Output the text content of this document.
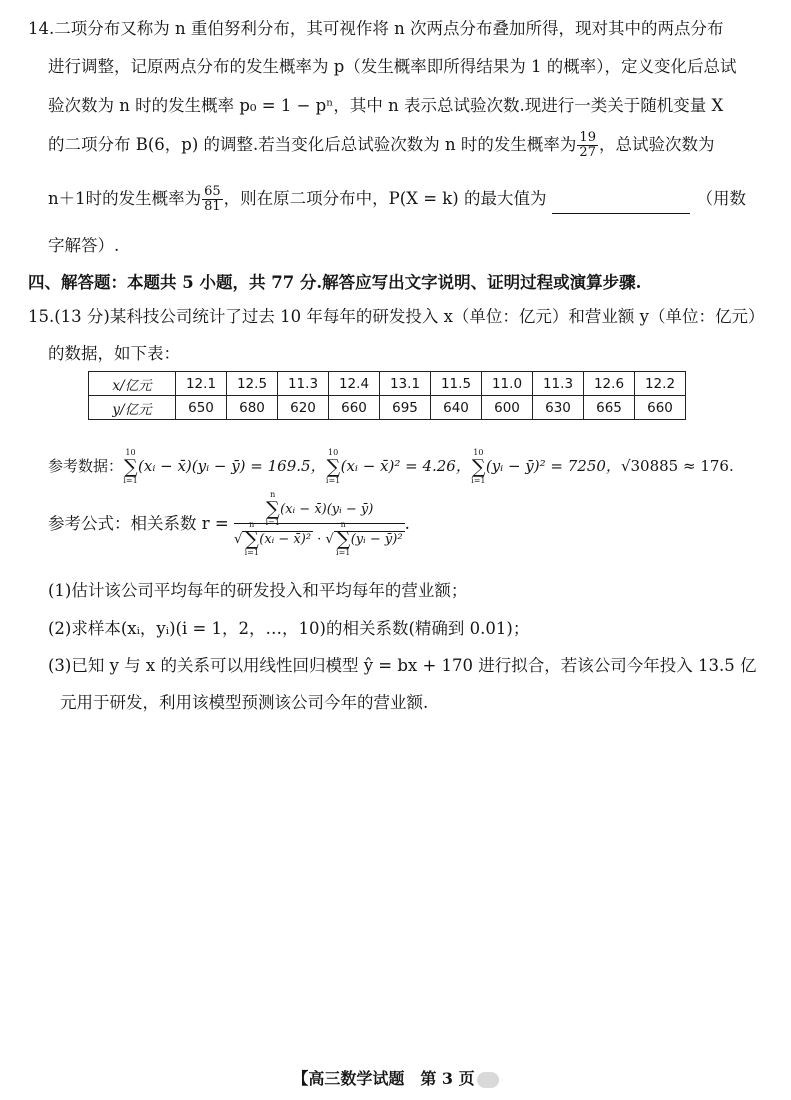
14.二项分布又称为 n 重伯努利分布，其可视作将 n 次两点分布叠加所得，现对其中的两点分布
进行调整，记原两点分布的发生概率为 p（发生概率即所得结果为 1 的概率），定义变化后总试
验次数为 n 时的发生概率 p₀ = 1 − pⁿ，其中 n 表示总试验次数.现进行一类关于随机变量 X
的二项分布 B(6，p) 的调整.若当变化后总试验次数为 n 时的发生概率为 $\frac{19}{27}$ ，总试验次数为
n＋1时的发生概率为 $\frac{65}{81}$ ，则在原二项分布中，P(X = k) 的最大值为	（用数
字解答）.
四、解答题：本题共 5 小题，共 77 分.解答应写出文字说明、证明过程或演算步骤.
15.(13 分)某科技公司统计了过去 10 年每年的研发投入 x（单位：亿元）和营业额 y（单位：亿元）
的数据，如下表：
x/亿元	12.1	12.5	11.3	12.4	13.1	11.5	11.0	11.3	12.6	12.2
y/亿元	650	680	620	660	695	640	600	630	665	660
参考数据：∑
10
i=1
(xᵢ − x̄)(yᵢ − ȳ) = 169.5，∑
10
i=1
(xᵢ − x̄)² = 4.26，∑
10
i=1
(yᵢ − ȳ)² = 7250，√30885 ≈ 176.
参考公式：相关系数 r = ∑
n
i=1
(xᵢ − x̄)(yᵢ − ȳ)
√ ∑
n
i=1
(xᵢ − x̄)² · √ ∑
n
i=1
(yᵢ − ȳ)² .
(1)估计该公司平均每年的研发投入和平均每年的营业额；
(2)求样本(xᵢ，yᵢ)(i = 1，2，…，10)的相关系数(精确到 0.01)；
(3)已知 y 与 x 的关系可以用线性回归模型 ŷ = bx + 170 进行拟合，若该公司今年投入 13.5 亿
元用于研发，利用该模型预测该公司今年的营业额.
【高三数学试题　第 3 页
